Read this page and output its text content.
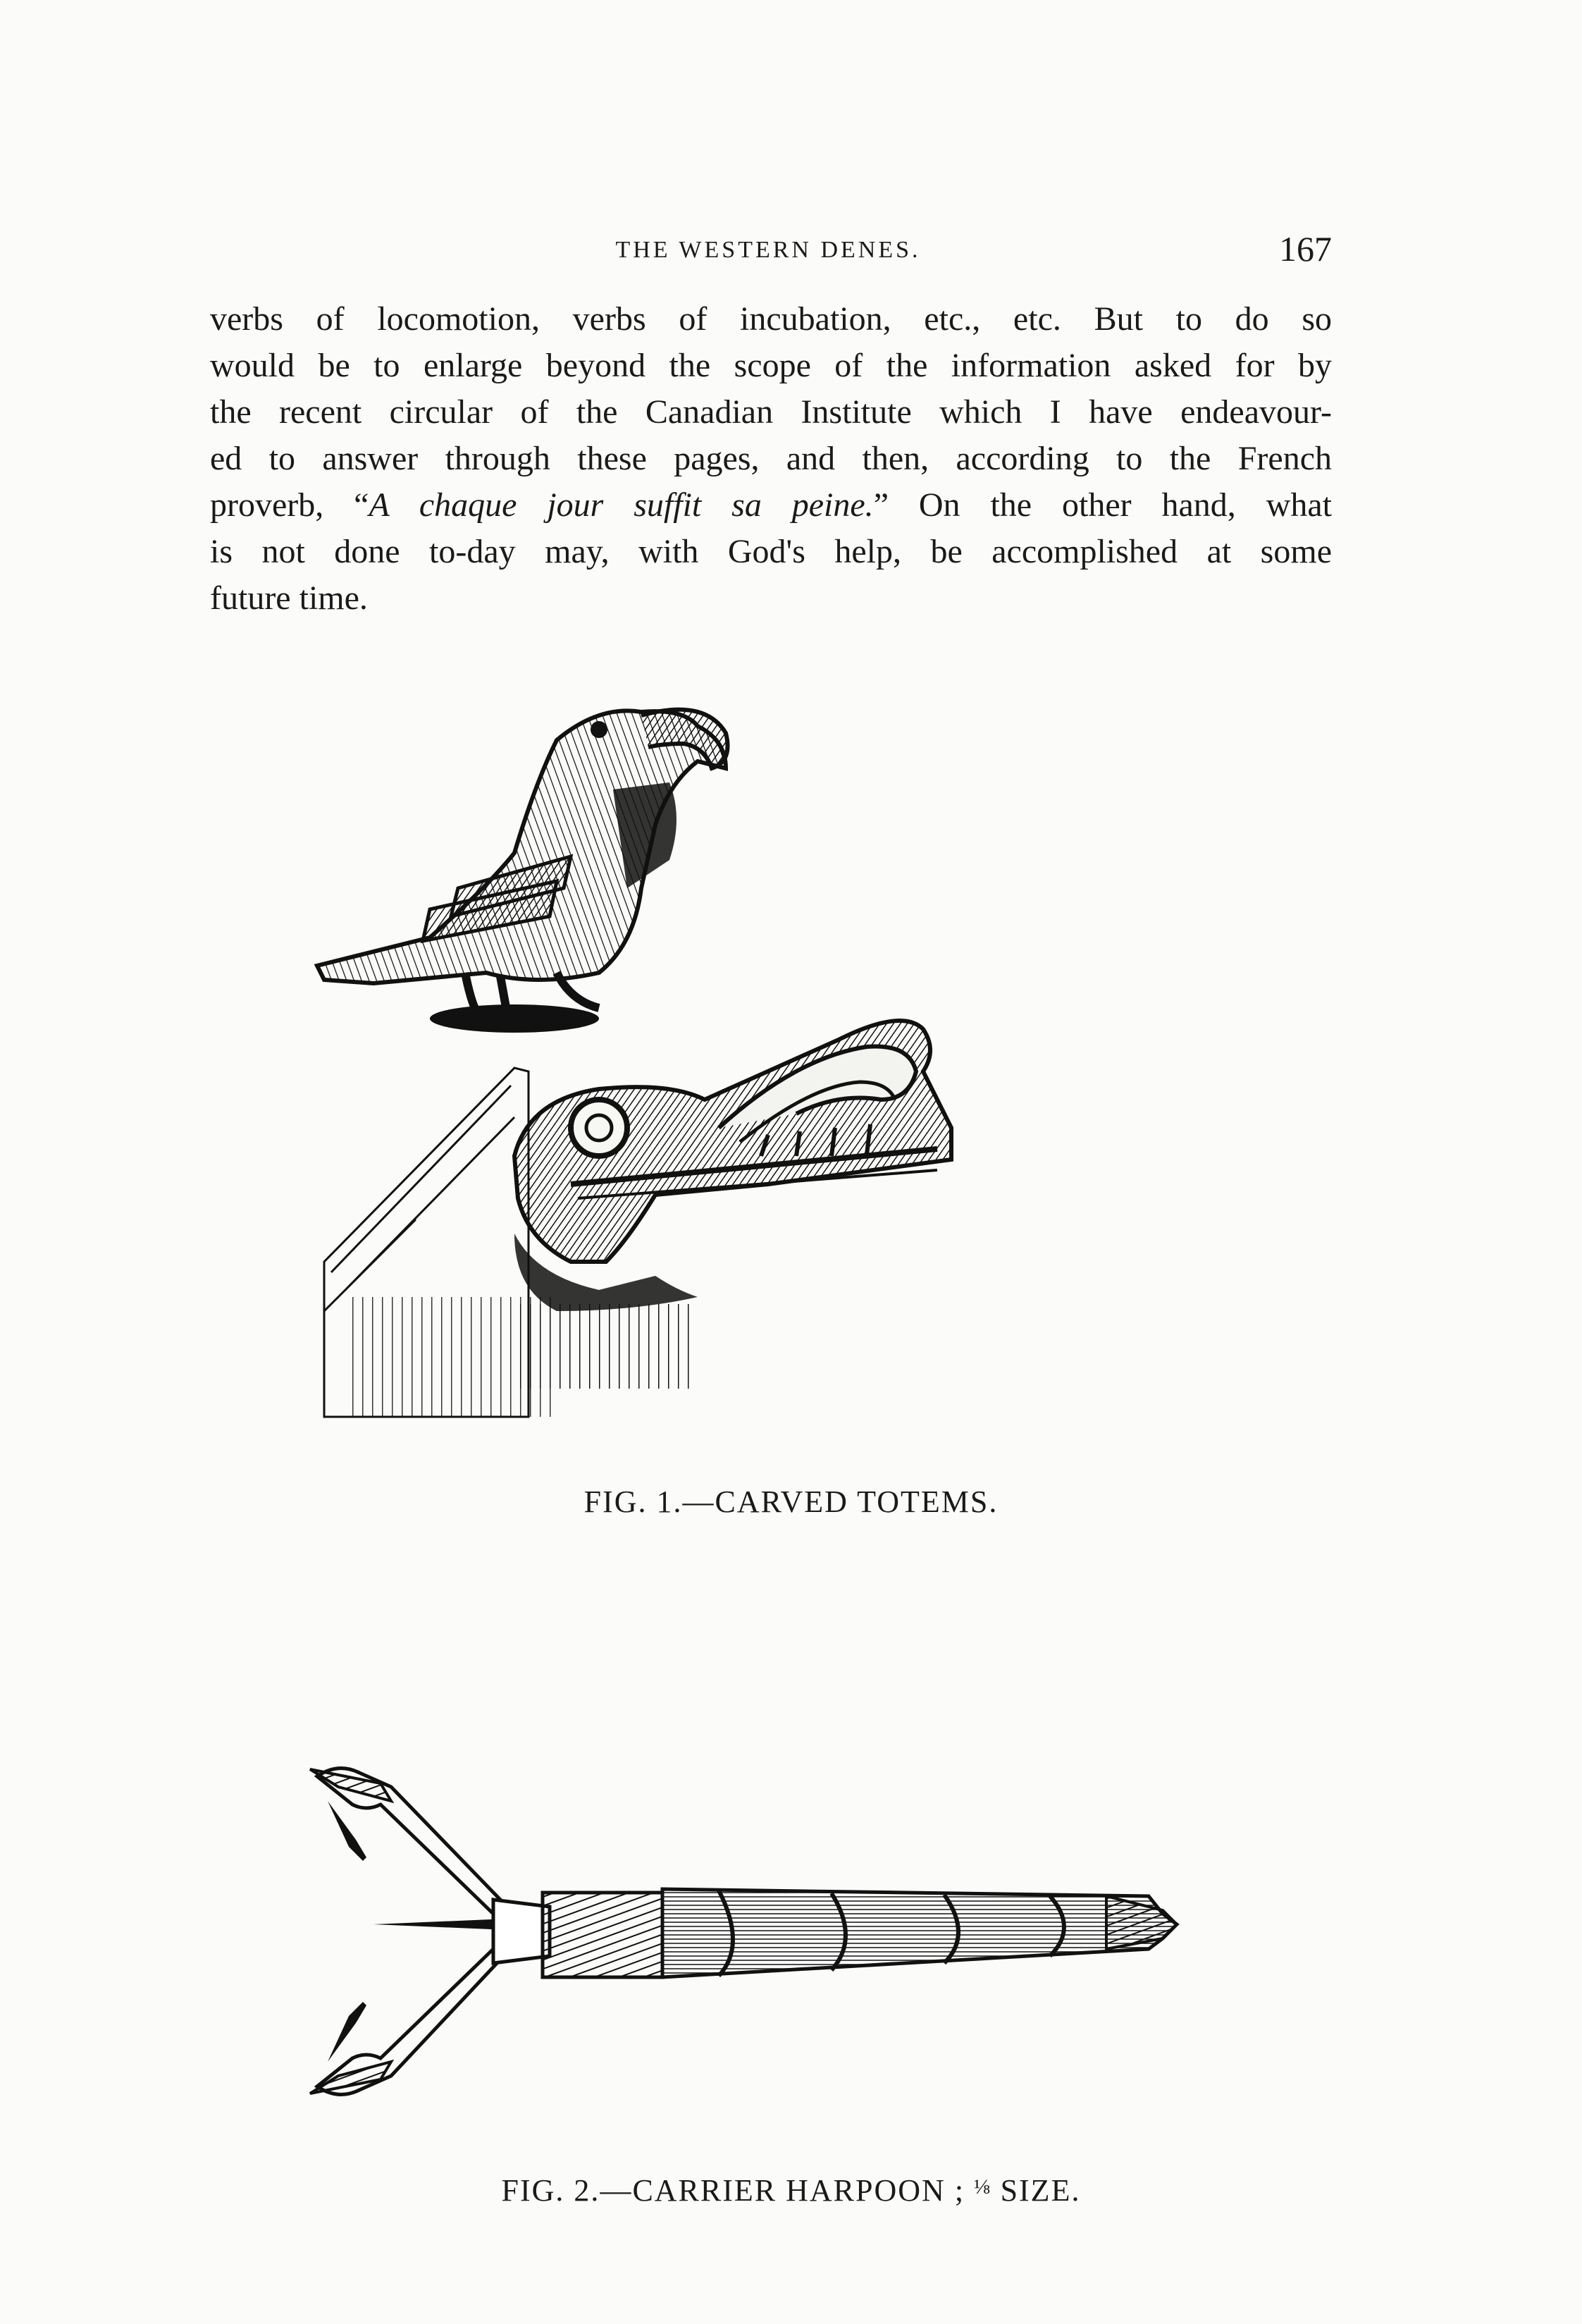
THE WESTERN DENES.	167
verbs of locomotion, verbs of incubation, etc., etc. But to do so
would be to enlarge beyond the scope of the information asked for by
the recent circular of the Canadian Institute which I have endeavour-
ed to answer through these pages, and then, according to the French
proverb, “A chaque jour suffit sa peine.” On the other hand, what
is not done to-day may, with God's help, be accomplished at some
future time.
FIG. 1.—CARVED TOTEMS.
FIG. 2.—CARRIER HARPOON ; $^{\frac{1}{8}}$ SIZE.
